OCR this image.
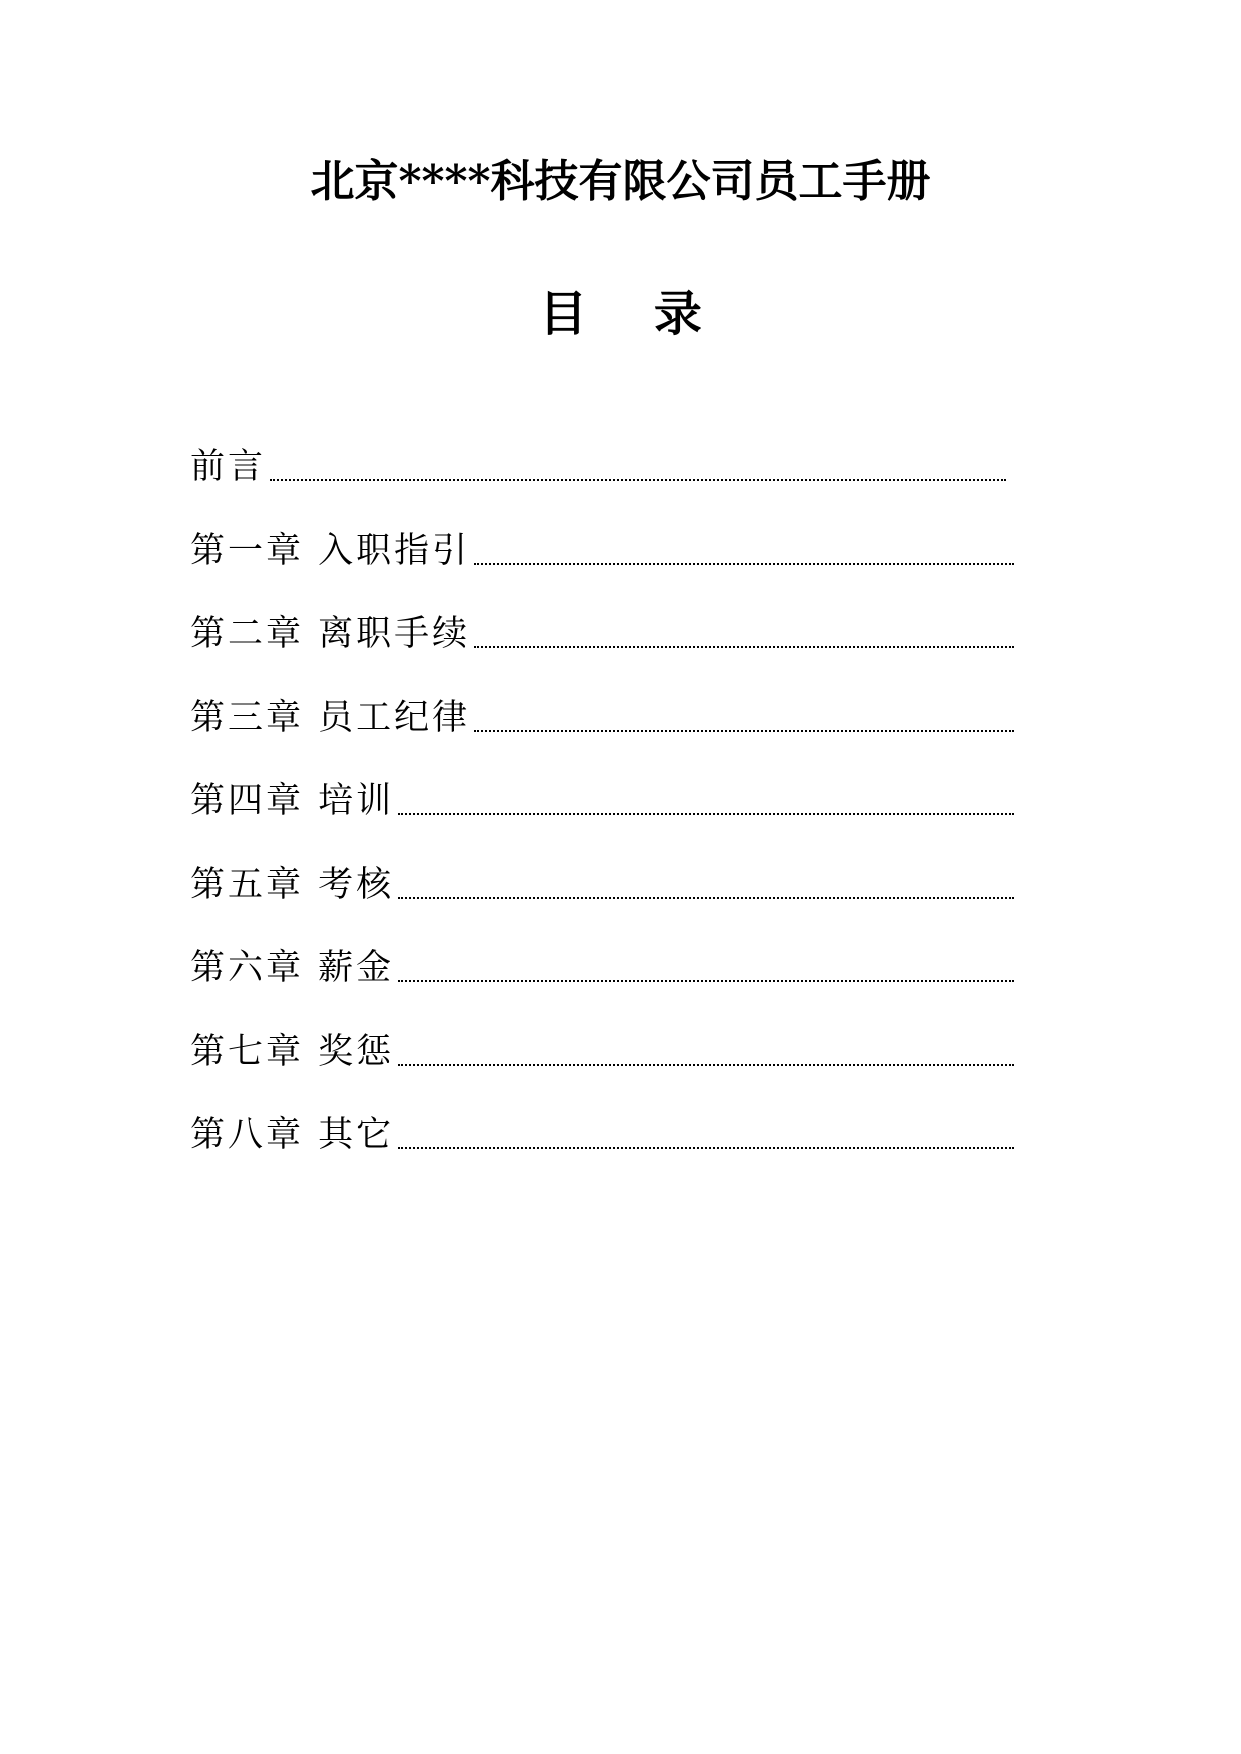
北京****科技有限公司员工手册
目    录
前言
第一章 入职指引
第二章 离职手续
第三章 员工纪律
第四章 培训
第五章 考核
第六章 薪金
第七章 奖惩
第八章 其它
